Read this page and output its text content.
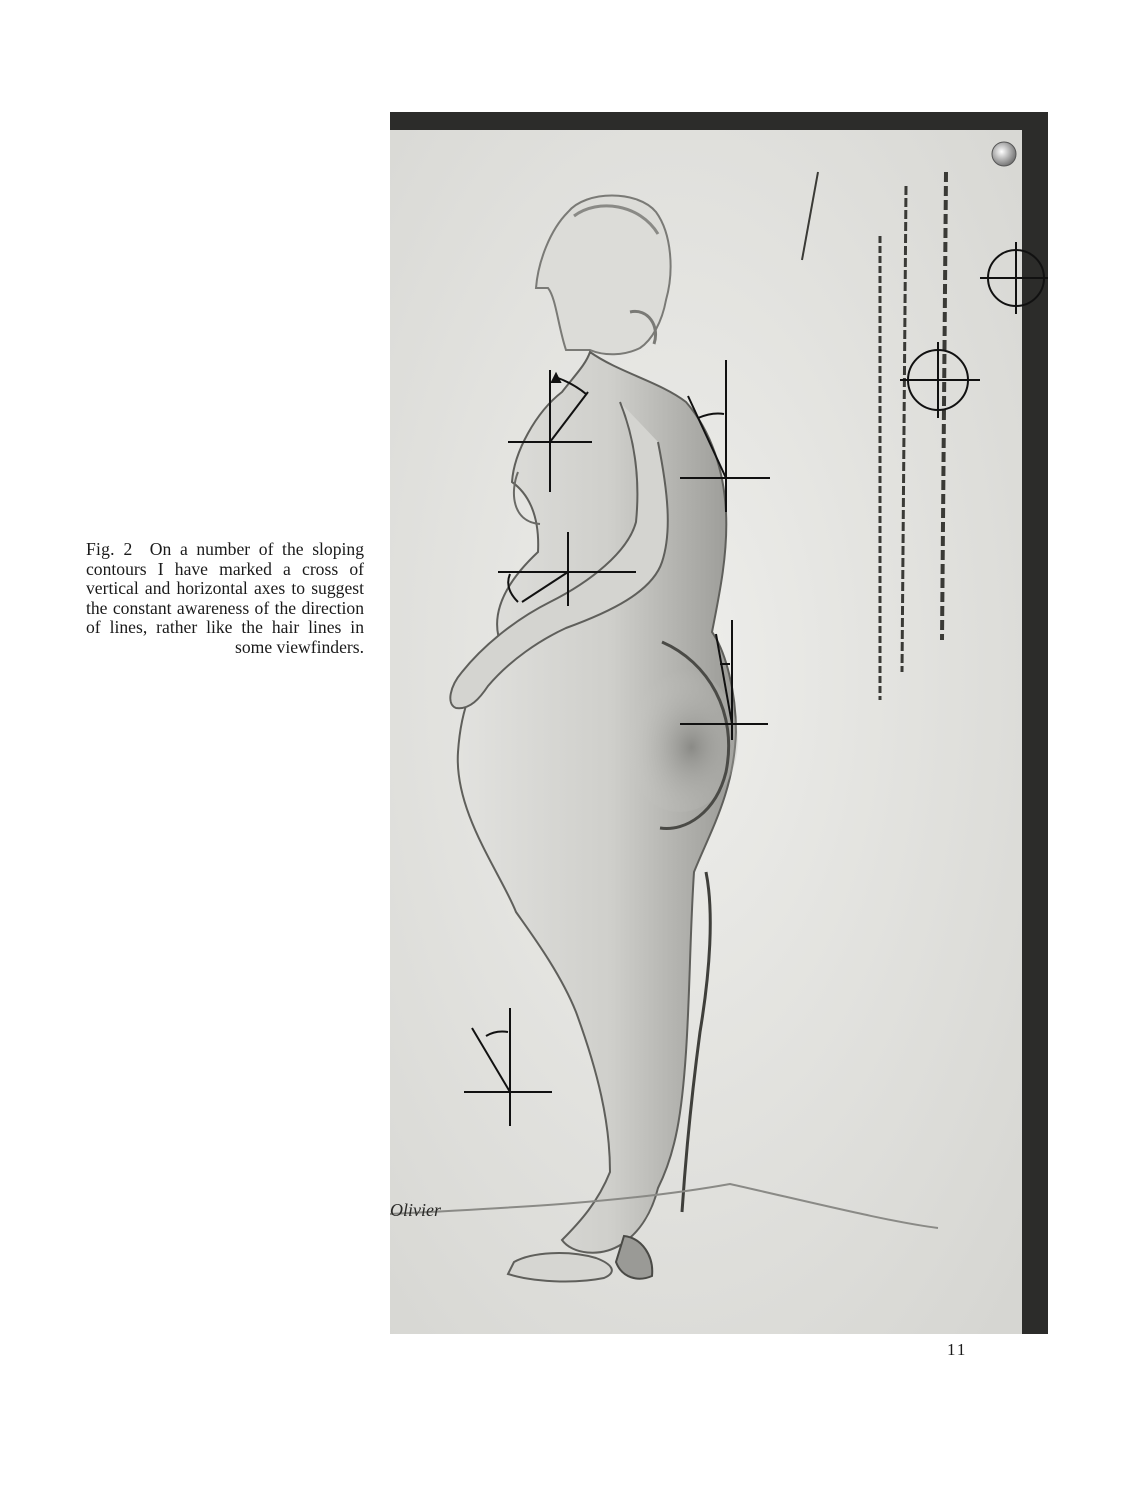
Fig. 2 On a number of the sloping contours I have marked a cross of vertical and horizontal axes to suggest the constant awareness of the direction of lines, rather like the hair lines in some viewfinders.
Olivier
11
